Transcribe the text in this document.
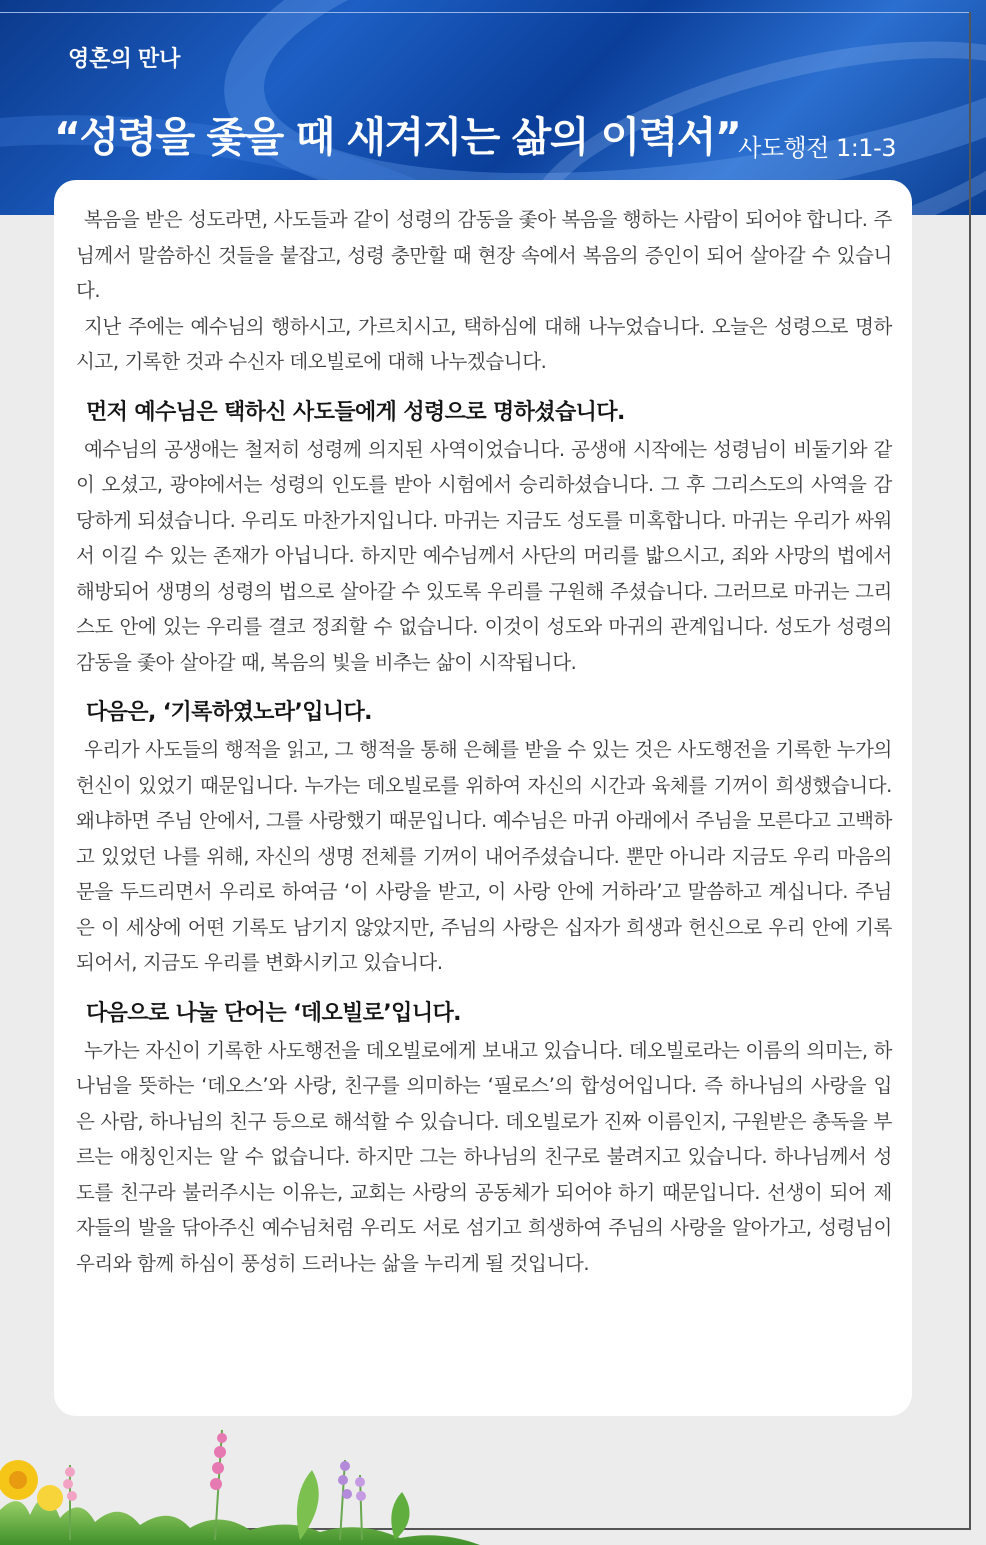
영혼의 만나
“성령을 좇을 때 새겨지는 삶의 이력서”
사도행전 1:1-3

복음을 받은 성도라면, 사도들과 같이 성령의 감동을 좇아 복음을 행하는 사람이 되어야 합니다. 주님께서 말씀하신 것들을 붙잡고, 성령 충만할 때 현장 속에서 복음의 증인이 되어 살아갈 수 있습니다.

지난 주에는 예수님의 행하시고, 가르치시고, 택하심에 대해 나누었습니다. 오늘은 성령으로 명하시고, 기록한 것과 수신자 데오빌로에 대해 나누겠습니다.

먼저 예수님은 택하신 사도들에게 성령으로 명하셨습니다.

예수님의 공생애는 철저히 성령께 의지된 사역이었습니다. 공생애 시작에는 성령님이 비둘기와 같이 오셨고, 광야에서는 성령의 인도를 받아 시험에서 승리하셨습니다. 그 후 그리스도의 사역을 감당하게 되셨습니다. 우리도 마찬가지입니다. 마귀는 지금도 성도를 미혹합니다. 마귀는 우리가 싸워서 이길 수 있는 존재가 아닙니다. 하지만 예수님께서 사단의 머리를 밟으시고, 죄와 사망의 법에서 해방되어 생명의 성령의 법으로 살아갈 수 있도록 우리를 구원해 주셨습니다. 그러므로 마귀는 그리스도 안에 있는 우리를 결코 정죄할 수 없습니다. 이것이 성도와 마귀의 관계입니다. 성도가 성령의 감동을 좇아 살아갈 때, 복음의 빛을 비추는 삶이 시작됩니다.

다음은, ‘기록하였노라’입니다.

우리가 사도들의 행적을 읽고, 그 행적을 통해 은혜를 받을 수 있는 것은 사도행전을 기록한 누가의 헌신이 있었기 때문입니다. 누가는 데오빌로를 위하여 자신의 시간과 육체를 기꺼이 희생했습니다. 왜냐하면 주님 안에서, 그를 사랑했기 때문입니다. 예수님은 마귀 아래에서 주님을 모른다고 고백하고 있었던 나를 위해, 자신의 생명 전체를 기꺼이 내어주셨습니다. 뿐만 아니라 지금도 우리 마음의 문을 두드리면서 우리로 하여금 ‘이 사랑을 받고, 이 사랑 안에 거하라’고 말씀하고 계십니다. 주님은 이 세상에 어떤 기록도 남기지 않았지만, 주님의 사랑은 십자가 희생과 헌신으로 우리 안에 기록되어서, 지금도 우리를 변화시키고 있습니다.

다음으로 나눌 단어는 ‘데오빌로’입니다.

누가는 자신이 기록한 사도행전을 데오빌로에게 보내고 있습니다. 데오빌로라는 이름의 의미는, 하나님을 뜻하는 ‘데오스’와 사랑, 친구를 의미하는 ‘필로스’의 합성어입니다. 즉 하나님의 사랑을 입은 사람, 하나님의 친구 등으로 해석할 수 있습니다. 데오빌로가 진짜 이름인지, 구원받은 총독을 부르는 애칭인지는 알 수 없습니다. 하지만 그는 하나님의 친구로 불려지고 있습니다. 하나님께서 성도를 친구라 불러주시는 이유는, 교회는 사랑의 공동체가 되어야 하기 때문입니다. 선생이 되어 제자들의 발을 닦아주신 예수님처럼 우리도 서로 섬기고 희생하여 주님의 사랑을 알아가고, 성령님이 우리와 함께 하심이 풍성히 드러나는 삶을 누리게 될 것입니다.
